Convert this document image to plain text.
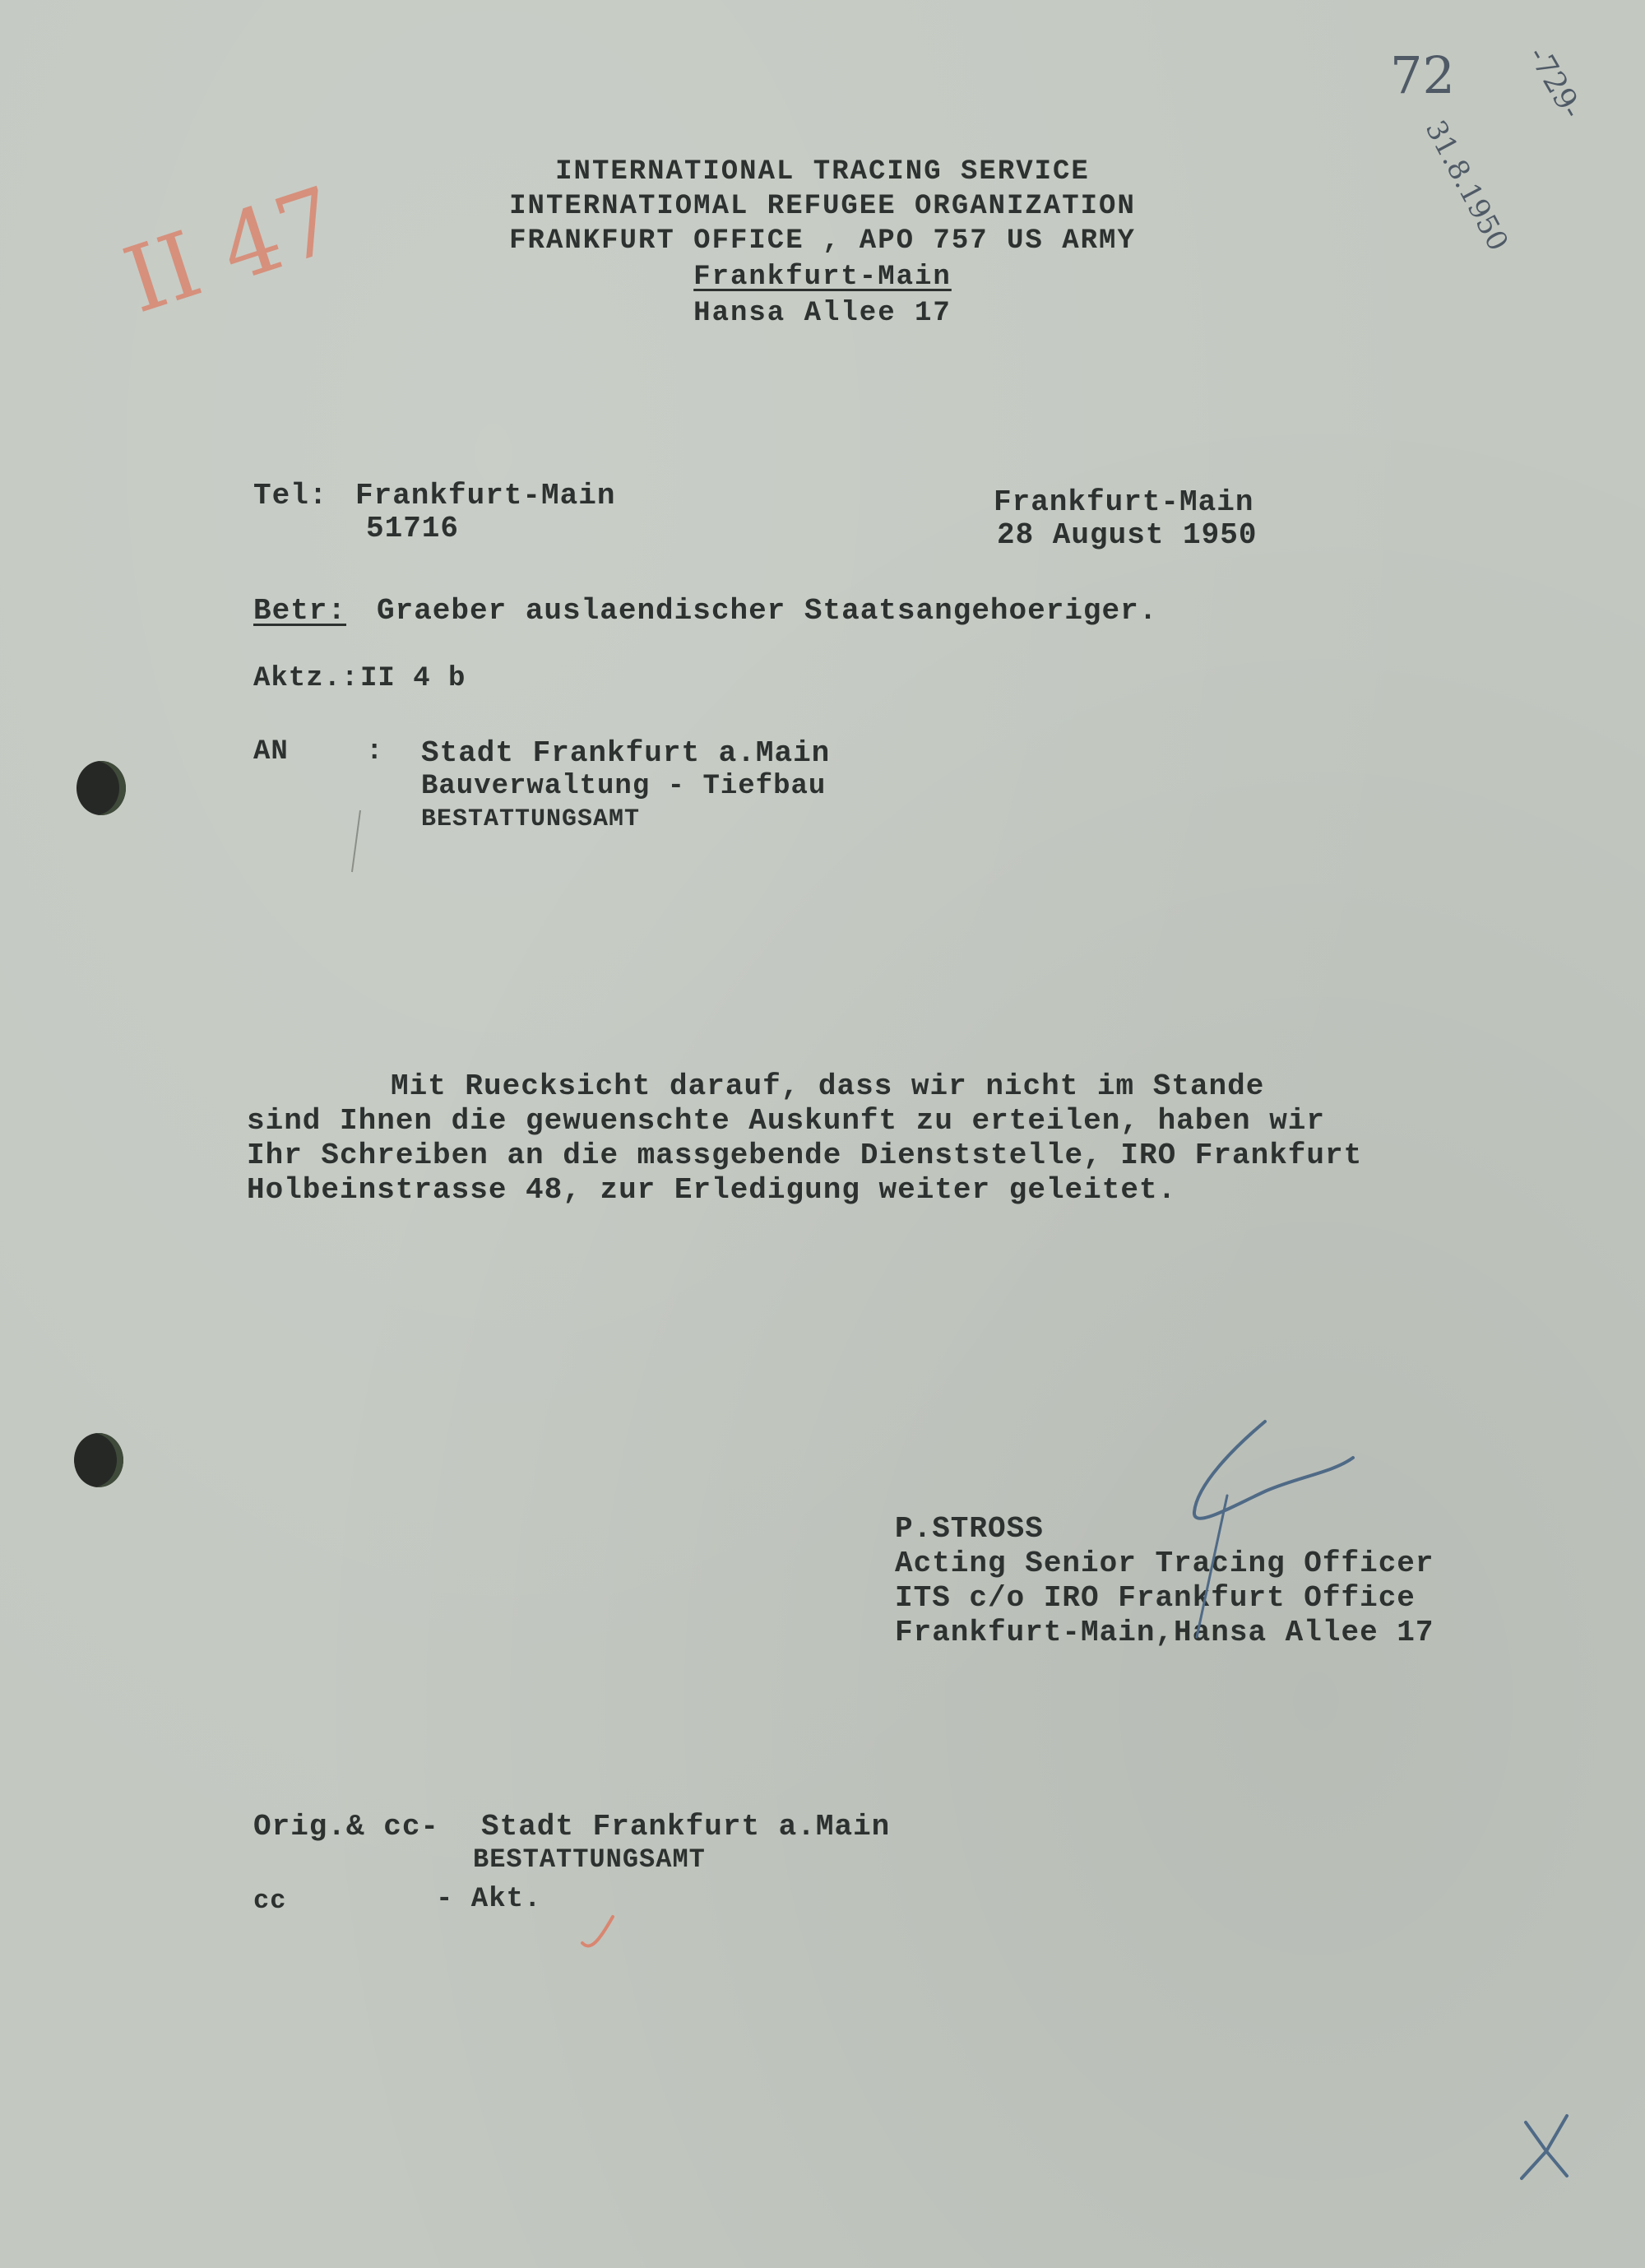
INTERNATIONAL TRACING SERVICE
INTERNATIOMAL REFUGEE ORGANIZATION
FRANKFURT OFFICE , APO 757 US ARMY
Frankfurt-Main
Hansa Allee 17
II 47
72
31.8.1950
-729-
Tel: Frankfurt-Main
51716
Frankfurt-Main
28 August 1950
Betr: Graeber auslaendischer Staatsangehoeriger.
Aktz.: II 4 b
AN	: Stadt Frankfurt a.Main
Bauverwaltung - Tiefbau
BESTATTUNGSAMT
Mit Ruecksicht darauf, dass wir nicht im Stande
sind Ihnen die gewuenschte Auskunft zu erteilen, haben wir
Ihr Schreiben an die massgebende Dienststelle, IRO Frankfurt
Holbeinstrasse 48, zur Erledigung weiter geleitet.
P.STROSS
Acting Senior Tracing Officer
ITS c/o IRO Frankfurt Office
Frankfurt-Main,Hansa Allee 17
Orig.& cc- Stadt Frankfurt a.Main
BESTATTUNGSAMT
cc	- Akt.
